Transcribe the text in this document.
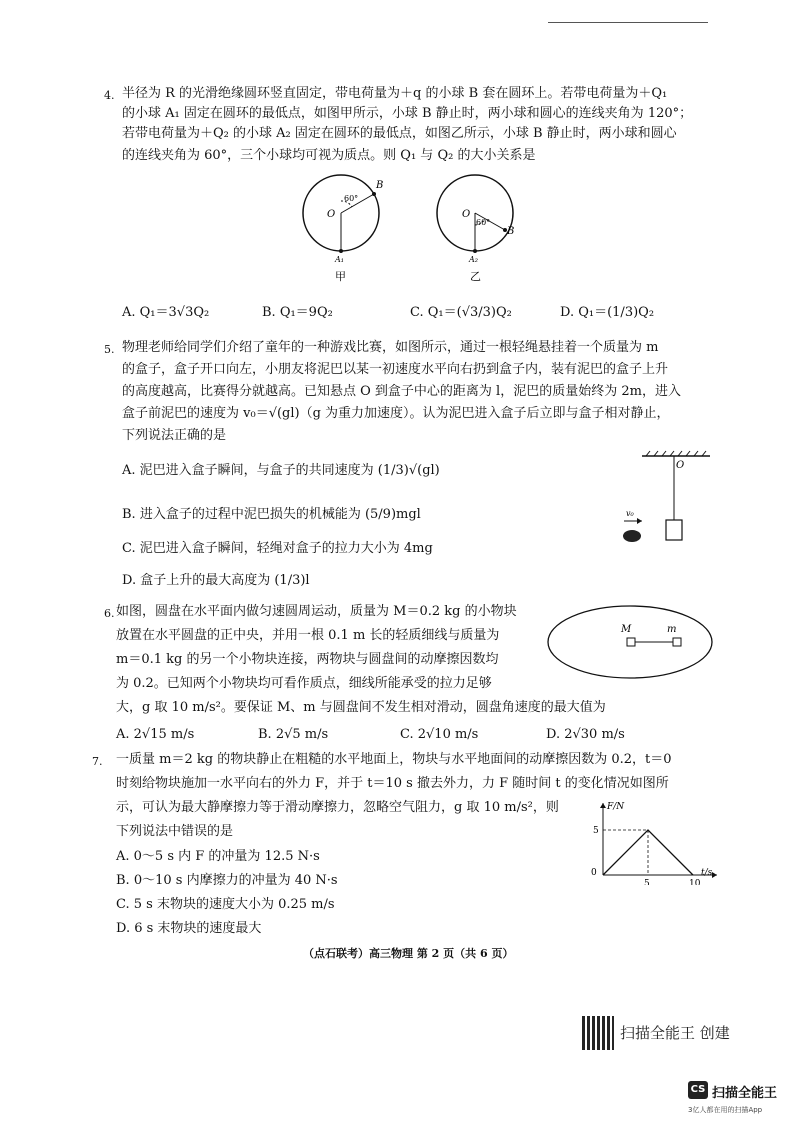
4. 半径为 R 的光滑绝缘圆环竖直固定，带电荷量为＋q 的小球 B 套在圆环上。若带电荷量为＋Q₁
的小球 A₁ 固定在圆环的最低点，如图甲所示，小球 B 静止时，两小球和圆心的连线夹角为 120°；
若带电荷量为＋Q₂ 的小球 A₂ 固定在圆环的最低点，如图乙所示，小球 B 静止时，两小球和圆心
的连线夹角为 60°，三个小球均可视为质点。则 Q₁ 与 Q₂ 的大小关系是
B
O
60°
A₁
甲
B
O
60°
A₂
乙
A. Q₁＝3√3Q₂	B. Q₁＝9Q₂	C. Q₁＝(√3/3)Q₂	D. Q₁＝(1/3)Q₂
5. 物理老师给同学们介绍了童年的一种游戏比赛，如图所示，通过一根轻绳悬挂着一个质量为 m
的盒子，盒子开口向左，小朋友将泥巴以某一初速度水平向右扔到盒子内，装有泥巴的盒子上升
的高度越高，比赛得分就越高。已知悬点 O 到盒子中心的距离为 l，泥巴的质量始终为 2m，进入
盒子前泥巴的速度为 v₀＝√(gl)（g 为重力加速度）。认为泥巴进入盒子后立即与盒子相对静止，
下列说法正确的是
A. 泥巴进入盒子瞬间，与盒子的共同速度为 (1/3)√(gl)
B. 进入盒子的过程中泥巴损失的机械能为 (5/9)mgl
C. 泥巴进入盒子瞬间，轻绳对盒子的拉力大小为 4mg
D. 盒子上升的最大高度为 (1/3)l
O
v₀
6. 如图，圆盘在水平面内做匀速圆周运动，质量为 M＝0.2 kg 的小物块
放置在水平圆盘的正中央，并用一根 0.1 m 长的轻质细线与质量为
m＝0.1 kg 的另一个小物块连接，两物块与圆盘间的动摩擦因数均
为 0.2。已知两个小物块均可看作质点，细线所能承受的拉力足够
大，g 取 10 m/s²。要保证 M、m 与圆盘间不发生相对滑动，圆盘角速度的最大值为
M	m
A. 2√15 m/s	B. 2√5 m/s	C. 2√10 m/s	D. 2√30 m/s
7. 一质量 m＝2 kg 的物块静止在粗糙的水平地面上，物块与水平地面间的动摩擦因数为 0.2，t＝0
时刻给物块施加一水平向右的外力 F，并于 t＝10 s 撤去外力，力 F 随时间 t 的变化情况如图所
示，可认为最大静摩擦力等于滑动摩擦力，忽略空气阻力，g 取 10 m/s²，则
下列说法中错误的是
A. 0～5 s 内 F 的冲量为 12.5 N·s
B. 0～10 s 内摩擦力的冲量为 40 N·s
C. 5 s 末物块的速度大小为 0.25 m/s
D. 6 s 末物块的速度最大
F/N
t/s
0
5	10
5
（点石联考）高三物理 第 2 页（共 6 页）
扫描全能王 创建
CS 扫描全能王
3亿人都在用的扫描App
